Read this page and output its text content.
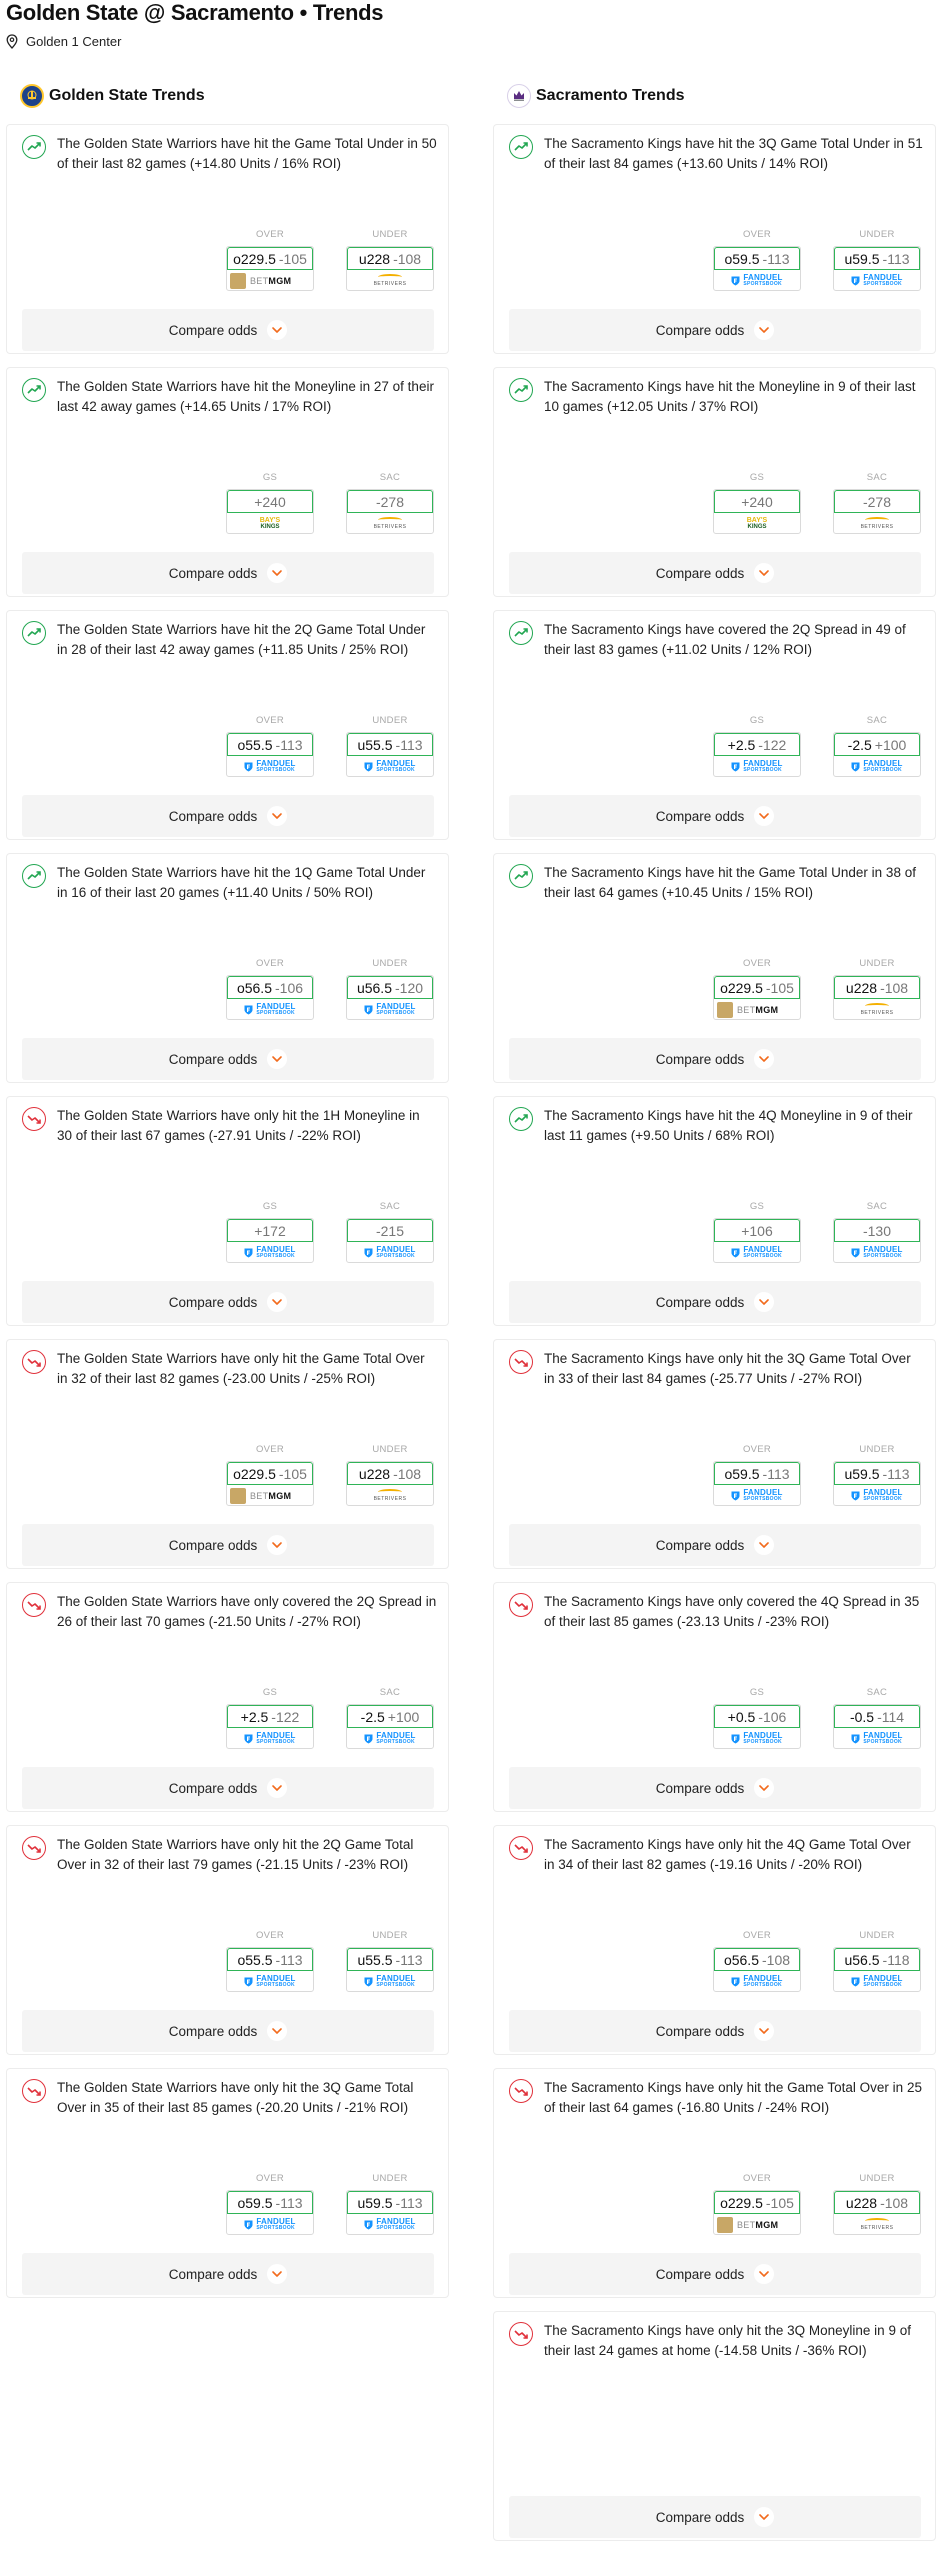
Golden State @ Sacramento • Trends
Golden 1 Center
Golden State Trends
The Golden State Warriors have hit the Game Total Under in 50 of their last 82 games (+14.80 Units / 16% ROI)
OVER
o229.5 -105
BET MGM
UNDER
u228 -108
BETRIVERS
Compare odds
The Golden State Warriors have hit the Moneyline in 27 of their last 42 away games (+14.65 Units / 17% ROI)
GS
+240
BAY'S
KINGS
SAC
-278
BETRIVERS
Compare odds
The Golden State Warriors have hit the 2Q Game Total Under in 28 of their last 42 away games (+11.85 Units / 25% ROI)
OVER
o55.5 -113
FANDUEL
SPORTSBOOK
UNDER
u55.5 -113
FANDUEL
SPORTSBOOK
Compare odds
The Golden State Warriors have hit the 1Q Game Total Under in 16 of their last 20 games (+11.40 Units / 50% ROI)
OVER
o56.5 -106
FANDUEL
SPORTSBOOK
UNDER
u56.5 -120
FANDUEL
SPORTSBOOK
Compare odds
The Golden State Warriors have only hit the 1H Moneyline in 30 of their last 67 games (-27.91 Units / -22% ROI)
GS
+172
FANDUEL
SPORTSBOOK
SAC
-215
FANDUEL
SPORTSBOOK
Compare odds
The Golden State Warriors have only hit the Game Total Over in 32 of their last 82 games (-23.00 Units / -25% ROI)
OVER
o229.5 -105
BET MGM
UNDER
u228 -108
BETRIVERS
Compare odds
The Golden State Warriors have only covered the 2Q Spread in 26 of their last 70 games (-21.50 Units / -27% ROI)
GS
+2.5 -122
FANDUEL
SPORTSBOOK
SAC
-2.5 +100
FANDUEL
SPORTSBOOK
Compare odds
The Golden State Warriors have only hit the 2Q Game Total Over in 32 of their last 79 games (-21.15 Units / -23% ROI)
OVER
o55.5 -113
FANDUEL
SPORTSBOOK
UNDER
u55.5 -113
FANDUEL
SPORTSBOOK
Compare odds
The Golden State Warriors have only hit the 3Q Game Total Over in 35 of their last 85 games (-20.20 Units / -21% ROI)
OVER
o59.5 -113
FANDUEL
SPORTSBOOK
UNDER
u59.5 -113
FANDUEL
SPORTSBOOK
Compare odds
Sacramento Trends
The Sacramento Kings have hit the 3Q Game Total Under in 51 of their last 84 games (+13.60 Units / 14% ROI)
OVER
o59.5 -113
FANDUEL
SPORTSBOOK
UNDER
u59.5 -113
FANDUEL
SPORTSBOOK
Compare odds
The Sacramento Kings have hit the Moneyline in 9 of their last 10 games (+12.05 Units / 37% ROI)
GS
+240
BAY'S
KINGS
SAC
-278
BETRIVERS
Compare odds
The Sacramento Kings have covered the 2Q Spread in 49 of their last 83 games (+11.02 Units / 12% ROI)
GS
+2.5 -122
FANDUEL
SPORTSBOOK
SAC
-2.5 +100
FANDUEL
SPORTSBOOK
Compare odds
The Sacramento Kings have hit the Game Total Under in 38 of their last 64 games (+10.45 Units / 15% ROI)
OVER
o229.5 -105
BET MGM
UNDER
u228 -108
BETRIVERS
Compare odds
The Sacramento Kings have hit the 4Q Moneyline in 9 of their last 11 games (+9.50 Units / 68% ROI)
GS
+106
FANDUEL
SPORTSBOOK
SAC
-130
FANDUEL
SPORTSBOOK
Compare odds
The Sacramento Kings have only hit the 3Q Game Total Over in 33 of their last 84 games (-25.77 Units / -27% ROI)
OVER
o59.5 -113
FANDUEL
SPORTSBOOK
UNDER
u59.5 -113
FANDUEL
SPORTSBOOK
Compare odds
The Sacramento Kings have only covered the 4Q Spread in 35 of their last 85 games (-23.13 Units / -23% ROI)
GS
+0.5 -106
FANDUEL
SPORTSBOOK
SAC
-0.5 -114
FANDUEL
SPORTSBOOK
Compare odds
The Sacramento Kings have only hit the 4Q Game Total Over in 34 of their last 82 games (-19.16 Units / -20% ROI)
OVER
o56.5 -108
FANDUEL
SPORTSBOOK
UNDER
u56.5 -118
FANDUEL
SPORTSBOOK
Compare odds
The Sacramento Kings have only hit the Game Total Over in 25 of their last 64 games (-16.80 Units / -24% ROI)
OVER
o229.5 -105
BET MGM
UNDER
u228 -108
BETRIVERS
Compare odds
The Sacramento Kings have only hit the 3Q Moneyline in 9 of their last 24 games at home (-14.58 Units / -36% ROI)
Compare odds
